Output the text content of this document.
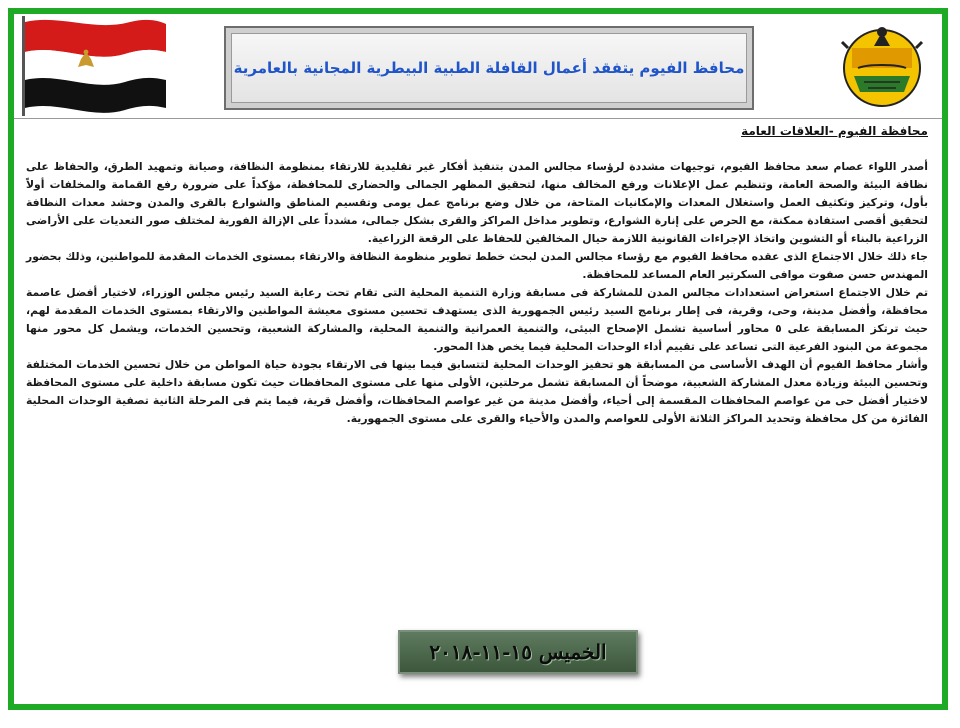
محافظ الفيوم يتفقد أعمال القافلة الطبية البيطرية المجانية بالعامرية
محافظة الفيوم -العلاقات العامة

أصدر اللواء عصام سعد محافظ الفيوم، توجيهات مشددة لرؤساء مجالس المدن بتنفيذ أفكار غير تقليدية للارتقاء بمنظومة النظافة، وصيانة وتمهيد الطرق، والحفاظ على نظافة البيئة والصحة العامة، وتنظيم عمل الإعلانات ورفع المخالف منها، لتحقيق المظهر الجمالى والحضارى للمحافظة، مؤكداً على ضرورة رفع القمامة والمخلفات أولاً بأول، وتركيز وتكثيف العمل واستغلال المعدات والإمكانيات المتاحة، من خلال وضع برنامج عمل يومى وتقسيم المناطق والشوارع بالقرى والمدن وحشد معدات النظافة لتحقيق أقصى استفادة ممكنة، مع الحرص على إنارة الشوارع، وتطوير مداخل المراكز والقرى بشكل جمالى، مشدداً على الإزالة الفورية لمختلف صور التعديات على الأراضى الزراعية بالبناء أو التشوين واتخاذ الإجراءات القانونية اللازمة حيال المخالفين للحفاظ على الرقعة الزراعية.

جاء ذلك خلال الاجتماع الذى عقده محافظ الفيوم مع رؤساء مجالس المدن لبحث خطط تطوير منظومة النظافة والارتقاء بمستوى الخدمات المقدمة للمواطنين، وذلك بحضور المهندس حسن صفوت موافى السكرتير العام المساعد للمحافظة.

تم خلال الاجتماع استعراض استعدادات مجالس المدن للمشاركة فى مسابقة وزارة التنمية المحلية التى تقام تحت رعاية السيد رئيس مجلس الوزراء، لاختيار أفضل عاصمة محافظة، وأفضل مدينة، وحى، وقرية، فى إطار برنامج السيد رئيس الجمهورية الذى يستهدف تحسين مستوى معيشة المواطنين والارتقاء بمستوى الخدمات المقدمة لهم، حيث ترتكز المسابقة على ٥ محاور أساسية تشمل الإصحاح البيئى، والتنمية العمرانية والتنمية المحلية، والمشاركة الشعبية، وتحسين الخدمات، ويشمل كل محور منها مجموعة من البنود الفرعية التى تساعد على تقييم أداء الوحدات المحلية فيما يخص هذا المحور.

وأشار محافظ الفيوم أن الهدف الأساسى من المسابقة هو تحفيز الوحدات المحلية لتتسابق فيما بينها فى الارتقاء بجودة حياة المواطن من خلال تحسين الخدمات المختلفة وتحسين البيئة وزيادة معدل المشاركة الشعبية، موضحاً أن المسابقة تشمل مرحلتين، الأولى منها على مستوى المحافظات حيث تكون مسابقة داخلية على مستوى المحافظة لاختيار أفضل حى من عواصم المحافظات المقسمة إلى أحياء، وأفضل مدينة من غير عواصم المحافظات، وأفضل قرية، فيما يتم فى المرحلة الثانية تصفية الوحدات المحلية الفائزة من كل محافظة وتحديد المراكز الثلاثة الأولى للعواصم والمدن والأحياء والقرى على مستوى الجمهورية.

الخميس ١٥-١١-٢٠١٨
